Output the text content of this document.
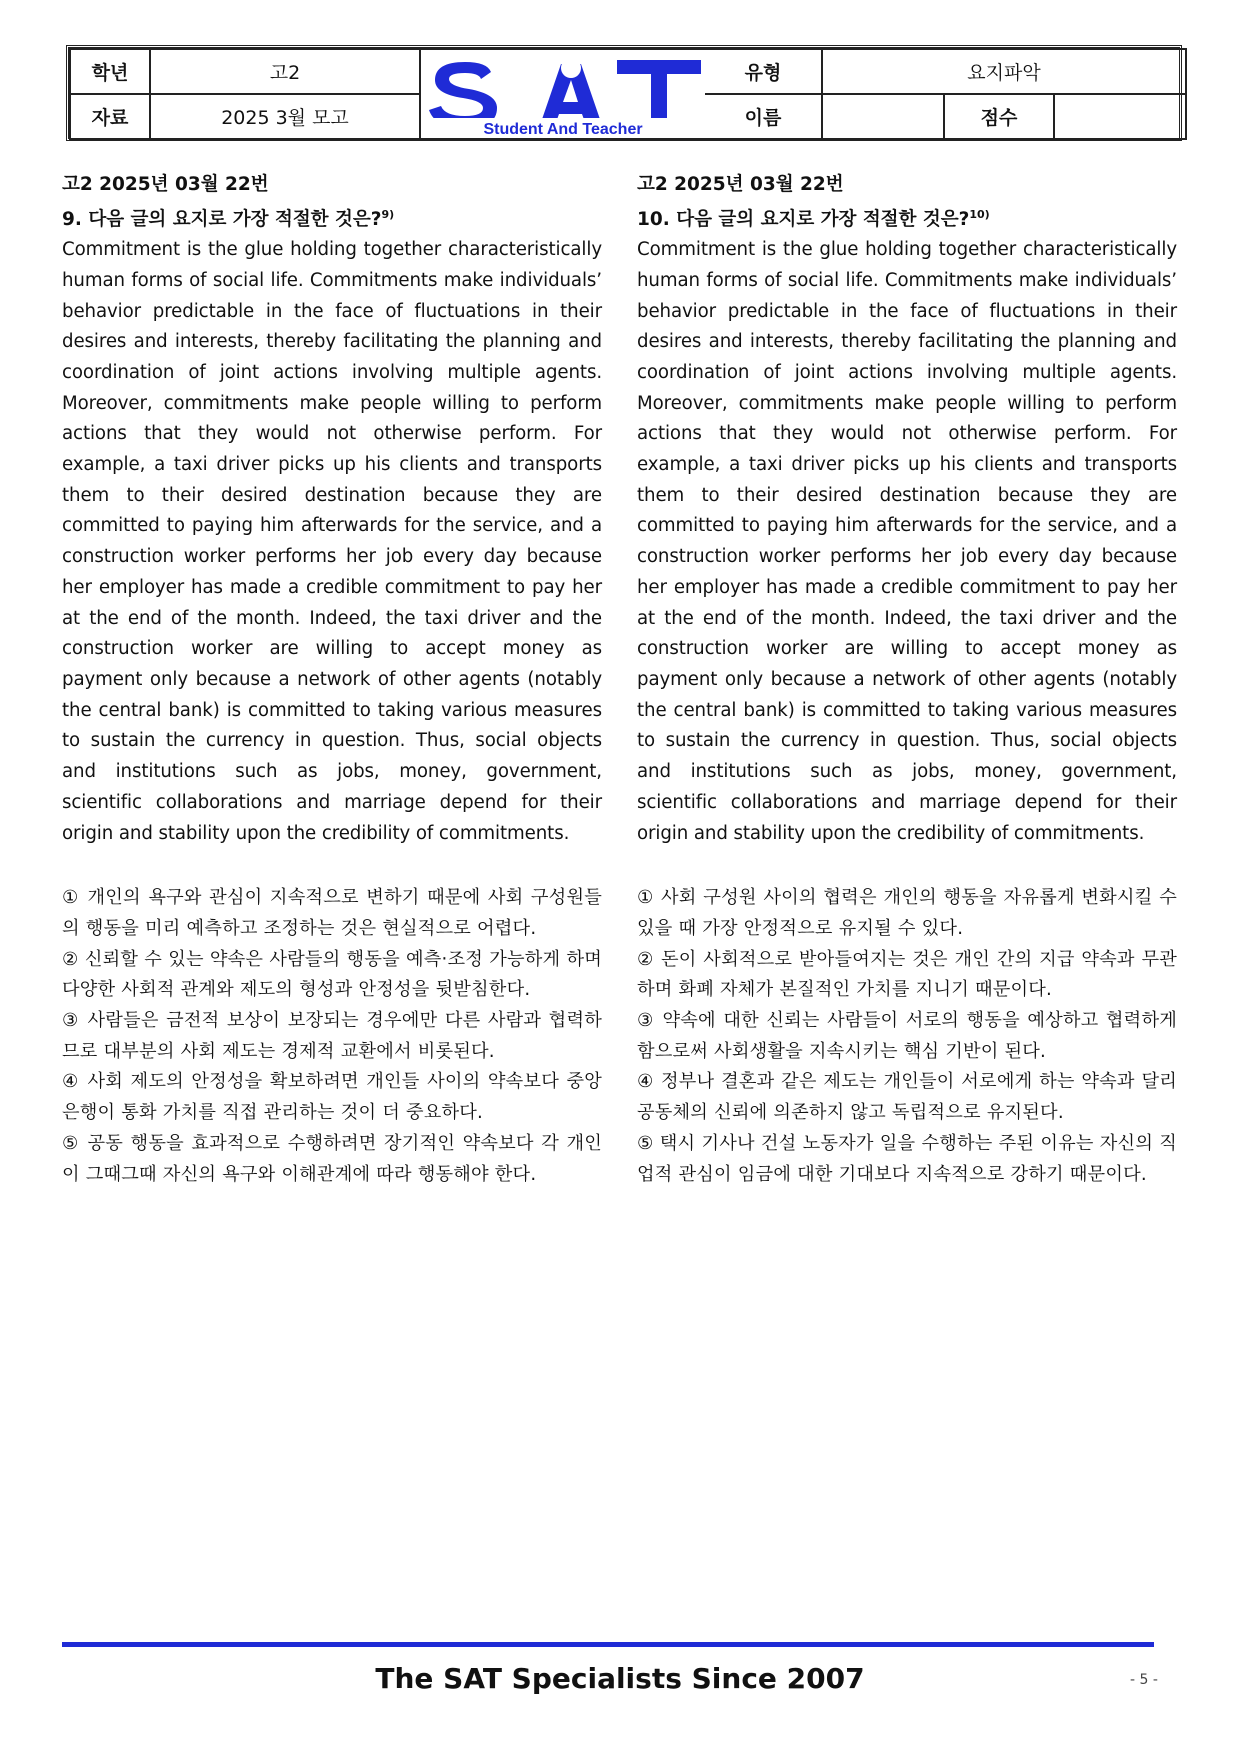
학년	고2	Student And Teacher	유형	요지파악		
자료	2025 3월 모고		이름		점수	

고2 2025년 03월 22번

9. 다음 글의 요지로 가장 적절한 것은?$^{9)}$

Commitment is the glue holding together characteristically human forms of social life. Commitments make individuals’ behavior predictable in the face of fluctuations in their desires and interests, thereby facilitating the planning and coordination of joint actions involving multiple agents. Moreover, commitments make people willing to perform actions that they would not otherwise perform. For example, a taxi driver picks up his clients and transports them to their desired destination because they are committed to paying him afterwards for the service, and a construction worker performs her job every day because her employer has made a credible commitment to pay her at the end of the month. Indeed, the taxi driver and the construction worker are willing to accept money as payment only because a network of other agents (notably the central bank) is committed to taking various measures to sustain the currency in question. Thus, social objects and institutions such as jobs, money, government, scientific collaborations and marriage depend for their origin and stability upon the credibility of commitments.

① 개인의 욕구와 관심이 지속적으로 변하기 때문에 사회 구성원들의 행동을 미리 예측하고 조정하는 것은 현실적으로 어렵다.

② 신뢰할 수 있는 약속은 사람들의 행동을 예측·조정 가능하게 하며 다양한 사회적 관계와 제도의 형성과 안정성을 뒷받침한다.

③ 사람들은 금전적 보상이 보장되는 경우에만 다른 사람과 협력하므로 대부분의 사회 제도는 경제적 교환에서 비롯된다.

④ 사회 제도의 안정성을 확보하려면 개인들 사이의 약속보다 중앙은행이 통화 가치를 직접 관리하는 것이 더 중요하다.

⑤ 공동 행동을 효과적으로 수행하려면 장기적인 약속보다 각 개인이 그때그때 자신의 욕구와 이해관계에 따라 행동해야 한다.

고2 2025년 03월 22번

10. 다음 글의 요지로 가장 적절한 것은?$^{10)}$

Commitment is the glue holding together characteristically human forms of social life. Commitments make individuals’ behavior predictable in the face of fluctuations in their desires and interests, thereby facilitating the planning and coordination of joint actions involving multiple agents. Moreover, commitments make people willing to perform actions that they would not otherwise perform. For example, a taxi driver picks up his clients and transports them to their desired destination because they are committed to paying him afterwards for the service, and a construction worker performs her job every day because her employer has made a credible commitment to pay her at the end of the month. Indeed, the taxi driver and the construction worker are willing to accept money as payment only because a network of other agents (notably the central bank) is committed to taking various measures to sustain the currency in question. Thus, social objects and institutions such as jobs, money, government, scientific collaborations and marriage depend for their origin and stability upon the credibility of commitments.

① 사회 구성원 사이의 협력은 개인의 행동을 자유롭게 변화시킬 수 있을 때 가장 안정적으로 유지될 수 있다.

② 돈이 사회적으로 받아들여지는 것은 개인 간의 지급 약속과 무관하며 화폐 자체가 본질적인 가치를 지니기 때문이다.

③ 약속에 대한 신뢰는 사람들이 서로의 행동을 예상하고 협력하게 함으로써 사회생활을 지속시키는 핵심 기반이 된다.

④ 정부나 결혼과 같은 제도는 개인들이 서로에게 하는 약속과 달리 공동체의 신뢰에 의존하지 않고 독립적으로 유지된다.

⑤ 택시 기사나 건설 노동자가 일을 수행하는 주된 이유는 자신의 직업적 관심이 임금에 대한 기대보다 지속적으로 강하기 때문이다.

The SAT Specialists Since 2007	- 5 -
